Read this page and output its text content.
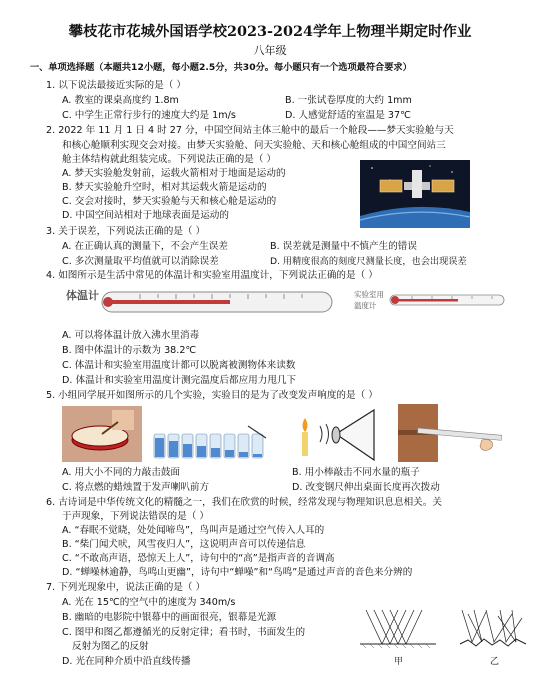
攀枝花市花城外国语学校2023-2024学年上物理半期定时作业
八年级
一、单项选择题（本题共12小题，每小题2.5分，共30分。每小题只有一个选项最符合要求）
1. 以下说法最接近实际的是（ ）
A. 教室的课桌高度约 1.8m	B. 一张试卷厚度的大约 1mm
C. 中学生正常行步行的速度大约是 1m/s	D. 人感觉舒适的室温是 37℃
2. 2022 年 11 月 1 日 4 时 27 分，中国空间站主体三舱中的最后一个舱段——梦天实验舱与天
和核心舱顺利实现交会对接。由梦天实验舱、问天实验舱、天和核心舱组成的中国空间站三
舱主体结构就此组装完成。下列说法正确的是（ ）
A. 梦天实验舱发射前，运载火箭相对于地面是运动的
B. 梦天实验舱升空时，相对其运载火箭是运动的
C. 交会对接时，梦天实验舱与天和核心舱是运动的
D. 中国空间站相对于地球表面是运动的
3. 关于误差，下列说法正确的是（ ）
A. 在正确认真的测量下，不会产生误差	B. 误差就是测量中不慎产生的错误
C. 多次测量取平均值就可以消除误差	D. 用精度很高的刻度尺测量长度，也会出现误差
4. 如图所示是生活中常见的体温计和实验室用温度计，下列说法正确的是（ ）
体温计	实验室用
温度计
A. 可以将体温计放入沸水里消毒
B. 图中体温计的示数为 38.2℃
C. 体温计和实验室用温度计都可以脱离被测物体来读数
D. 体温计和实验室用温度计测完温度后都应用力甩几下
5. 小组同学展开如图所示的几个实验，实验目的是为了改变发声响度的是（ ）
A. 用大小不同的力敲击鼓面	B. 用小棒敲击不同水量的瓶子
C. 将点燃的蜡烛置于发声喇叭前方	D. 改变钢尺伸出桌面长度再次拨动
6. 古诗词是中华传统文化的精髓之一，我们在欣赏的时候，经常发现与物理知识息息相关。关
于声现象，下列说法错误的是（ ）
A. “春眠不觉晓，处处闻啼鸟”，鸟叫声是通过空气传入人耳的
B. “柴门闻犬吠，风雪夜归人”，这说明声音可以传递信息
C. “不敢高声语，恐惊天上人”，诗句中的“高”是指声音的音调高
D. “蝉噪林逾静，鸟鸣山更幽”，诗句中“蝉噪”和“鸟鸣”是通过声音的音色来分辨的
7. 下列光现象中，说法正确的是（ ）
A. 光在 15℃的空气中的速度为 340m/s
B. 幽暗的电影院中银幕中的画面很亮，银幕是光源
C. 图甲和图乙都遵循光的反射定律；看书时，书面发生的
反射为图乙的反射
D. 光在同种介质中沿直线传播	甲	乙
